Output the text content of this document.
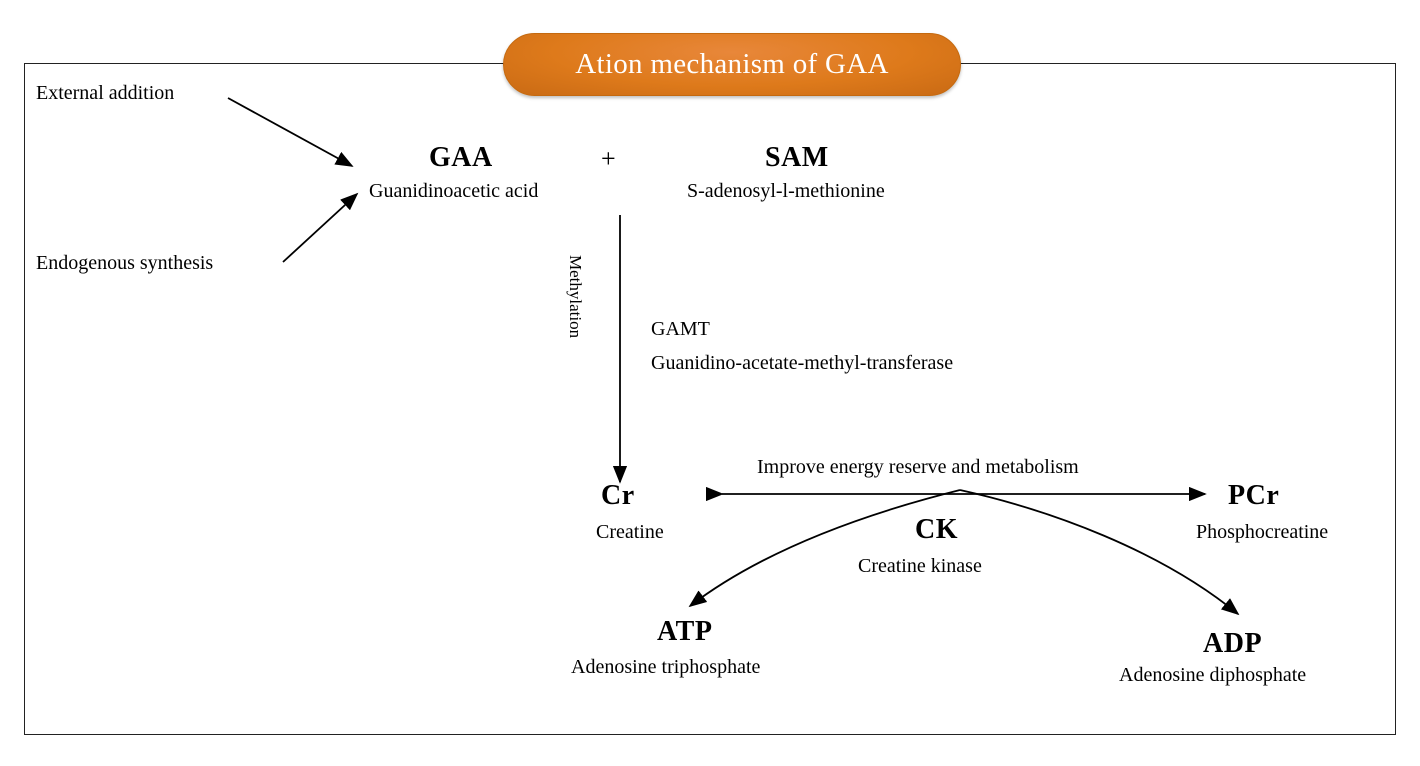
Ation mechanism of GAA
External addition
Endogenous synthesis
GAA
Guanidinoacetic acid
+	SAM
S-adenosyl-l-methionine
Methylation	GAMT
Guanidino-acetate-methyl-transferase
Improve energy reserve and metabolism
Cr
Creatine
PCr
Phosphocreatine
CK
Creatine kinase
ATP
Adenosine triphosphate
ADP
Adenosine diphosphate
